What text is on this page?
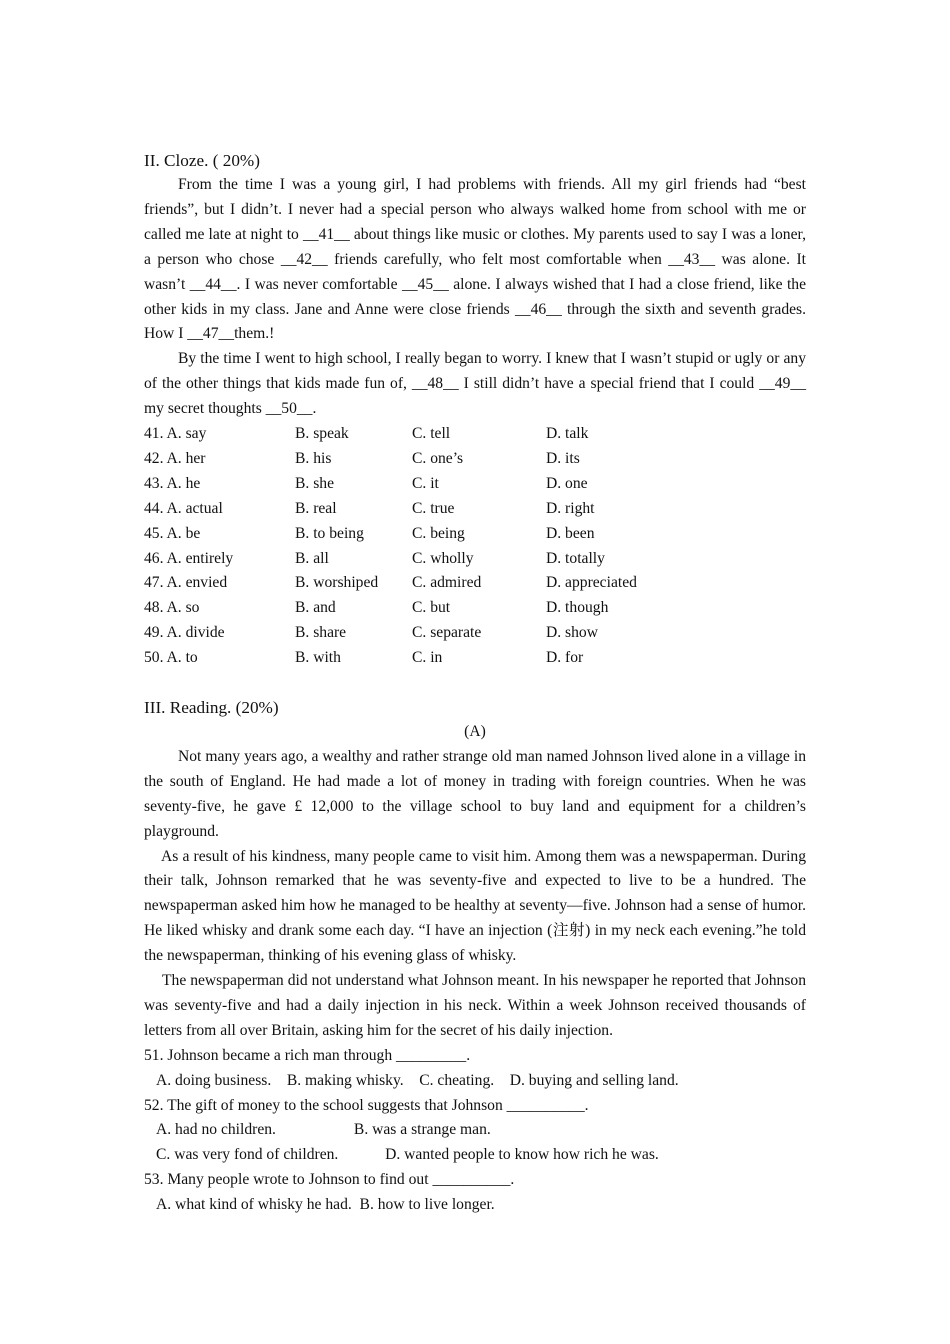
II. Cloze. ( 20%)

From the time I was a young girl, I had problems with friends. All my girl friends had “best friends”, but I didn’t. I never had a special person who always walked home from school with me or called me late at night to __41__ about things like music or clothes. My parents used to say I was a loner, a person who chose __42__ friends carefully, who felt most comfortable when __43__ was alone. It wasn’t __44__. I was never comfortable __45__ alone. I always wished that I had a close friend, like the other kids in my class. Jane and Anne were close friends __46__ through the sixth and seventh grades. How I __47__them.!

By the time I went to high school, I really began to worry. I knew that I wasn’t stupid or ugly or any of the other things that kids made fun of, __48__ I still didn’t have a special friend that I could __49__ my secret thoughts __50__.

41. A. say	B. speak	C. tell	D. talk
42. A. her	B. his	C. one’s	D. its
43. A. he	B. she	C. it	D. one
44. A. actual	B. real	C. true	D. right
45. A. be	B. to being	C. being	D. been
46. A. entirely	B. all	C. wholly	D. totally
47. A. envied	B. worshiped	C. admired	D. appreciated
48. A. so	B. and	C. but	D. though
49. A. divide	B. share	C. separate	D. show
50. A. to	B. with	C. in	D. for

III. Reading. (20%)

(A)

Not many years ago, a wealthy and rather strange old man named Johnson lived alone in a village in the south of England. He had made a lot of money in trading with foreign countries. When he was seventy-five, he gave £ 12,000 to the village school to buy land and equipment for a children’s playground.

As a result of his kindness, many people came to visit him. Among them was a newspaperman. During their talk, Johnson remarked that he was seventy-five and expected to live to be a hundred. The newspaperman asked him how he managed to be healthy at seventy—five. Johnson had a sense of humor. He liked whisky and drank some each day. “I have an injection (注射) in my neck each evening.”he told the newspaperman, thinking of his evening glass of whisky.

The newspaperman did not understand what Johnson meant. In his newspaper he reported that Johnson was seventy-five and had a daily injection in his neck. Within a week Johnson received thousands of letters from all over Britain, asking him for the secret of his daily injection.

51. Johnson became a rich man through _________.

A. doing business.    B. making whisky.    C. cheating.    D. buying and selling land.

52. The gift of money to the school suggests that Johnson __________.

A. had no children.                    B. was a strange man.

C. was very fond of children.            D. wanted people to know how rich he was.

53. Many people wrote to Johnson to find out __________.

A. what kind of whisky he had.  B. how to live longer.
